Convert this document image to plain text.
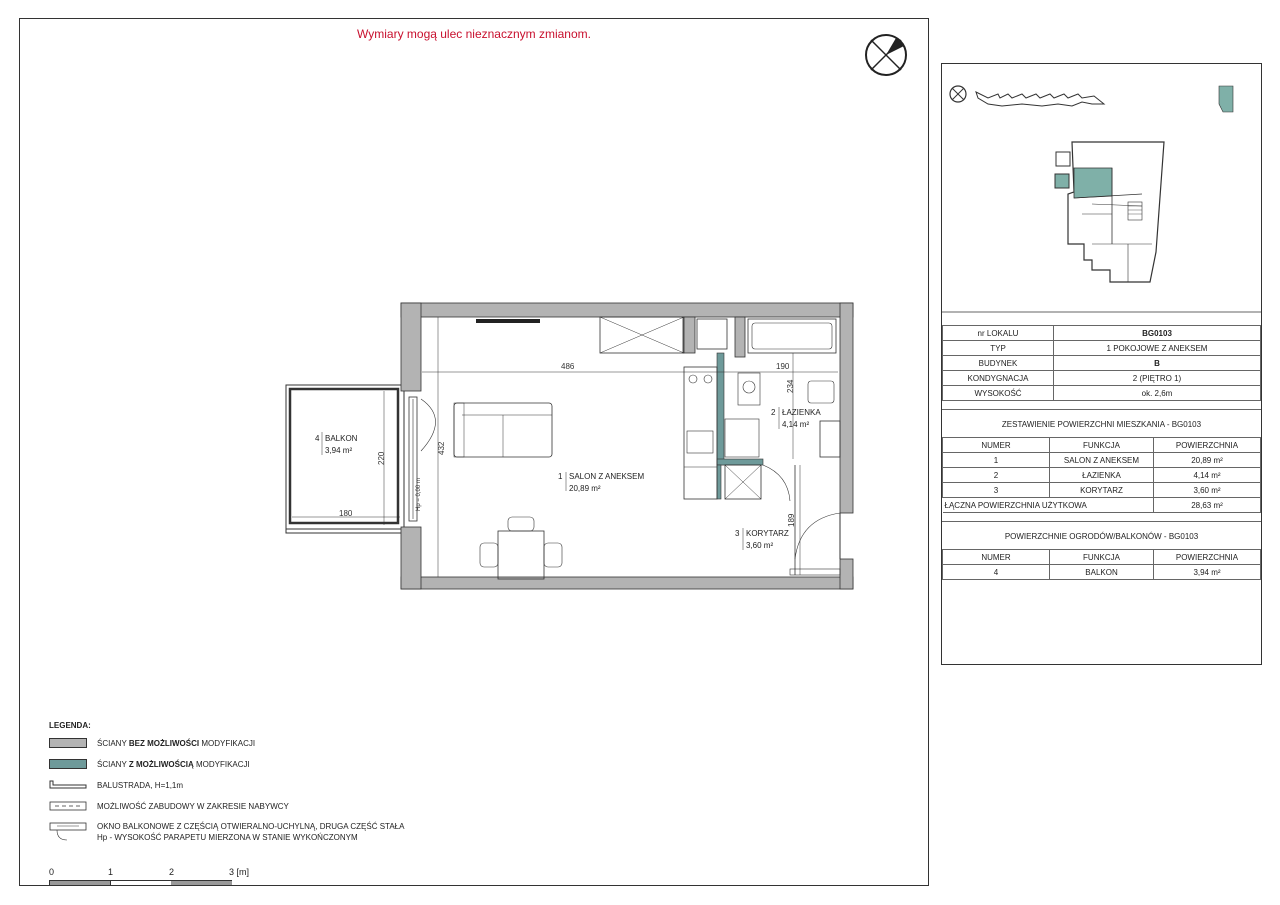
Wymiary mogą ulec nieznacznym zmianom.
Hp = 0,00 m
486	190
234
432
220
180
189
1 SALON Z ANEKSEM
20,89 m²
2 ŁAZIENKA
4,14 m²
3 KORYTARZ
3,60 m²
4 BALKON
3,94 m²
LEGENDA:
ŚCIANY BEZ MOŻLIWOŚCI MODYFIKACJI
ŚCIANY Z MOŻLIWOŚCIĄ MODYFIKACJI
BALUSTRADA, H=1,1m
MOŻLIWOŚĆ ZABUDOWY W ZAKRESIE NABYWCY
OKNO BALKONOWE Z CZĘŚCIĄ OTWIERALNO-UCHYLNĄ, DRUGA CZĘŚĆ STAŁA
Hp - WYSOKOŚĆ PARAPETU MIERZONA W STANIE WYKOŃCZONYM
0	1	2	3 [m]
nr LOKALU	BG0103
TYP	1 POKOJOWE Z ANEKSEM
BUDYNEK	B
KONDYGNACJA	2 (PIĘTRO 1)
WYSOKOŚĆ	ok. 2,6m
ZESTAWIENIE POWIERZCHNI MIESZKANIA - BG0103
NUMER	FUNKCJA	POWIERZCHNIA
1	SALON Z ANEKSEM	20,89 m²
2	ŁAZIENKA	4,14 m²
3	KORYTARZ	3,60 m²
ŁĄCZNA POWIERZCHNIA UŻYTKOWA		28,63 m²
POWIERZCHNIE OGRODÓW/BALKONÓW - BG0103
NUMER	FUNKCJA	POWIERZCHNIA
4	BALKON	3,94 m²
